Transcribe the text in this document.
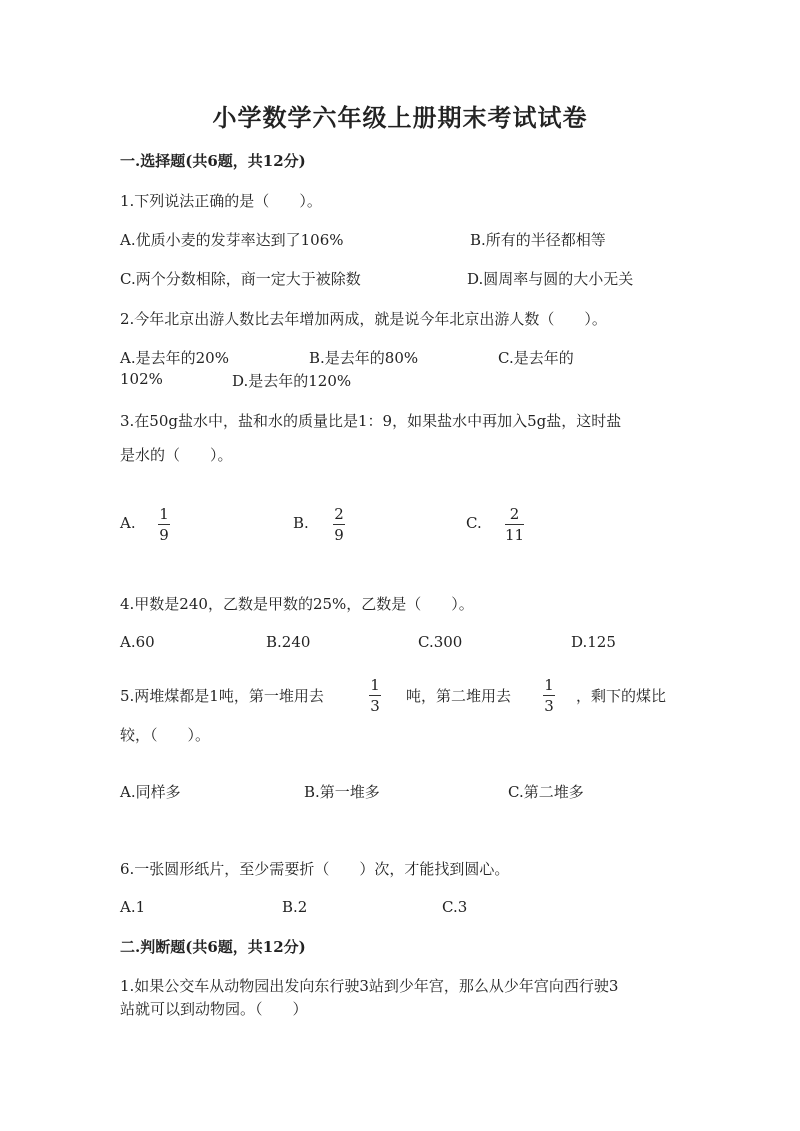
小学数学六年级上册期末考试试卷
一.选择题(共6题，共12分)
1.下列说法正确的是（　　）。
A.优质小麦的发芽率达到了106%	B.所有的半径都相等
C.两个分数相除，商一定大于被除数	D.圆周率与圆的大小无关
2.今年北京出游人数比去年增加两成，就是说今年北京出游人数（　　）。
A.是去年的20%	B.是去年的80%	C.是去年的
102%	D.是去年的120%
3.在50g盐水中，盐和水的质量比是1：9，如果盐水中再加入5g盐，这时盐
是水的（　　）。
A. 1
9
B. 2
9
C. 2
11
4.甲数是240，乙数是甲数的25%，乙数是（　　）。
A.60	B.240	C.300	D.125
5.两堆煤都是1吨，第一堆用去
1
3
吨，第二堆用去
1
3
，剩下的煤比
较，（　　）。
A.同样多	B.第一堆多	C.第二堆多
6.一张圆形纸片，至少需要折（　　）次，才能找到圆心。
A.1	B.2	C.3
二.判断题(共6题，共12分)
1.如果公交车从动物园出发向东行驶3站到少年宫，那么从少年宫向西行驶3
站就可以到动物园。（　　）
